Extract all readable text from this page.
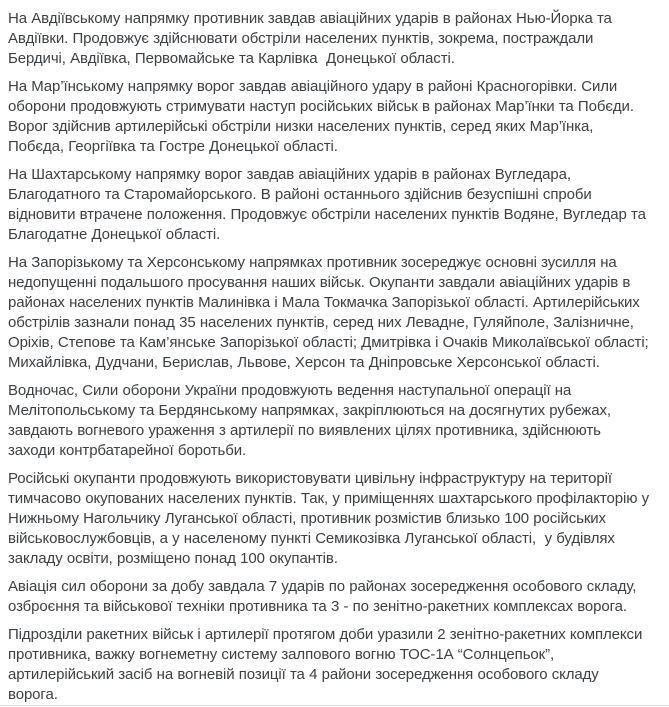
На Авдіївському напрямку противник завдав авіаційних ударів в районах Нью-Йорка та Авдіївки. Продовжує здійснювати обстріли населених пунктів, зокрема, постраждали Бердичі, Авдіївка, Первомайське та Карлівка  Донецької області.

На Мар’їнському напрямку ворог завдав авіаційного удару в районі Красногорівки. Сили оборони продовжують стримувати наступ російських військ в районах Мар’їнки та Побєди. Ворог здійснив артилерійські обстріли низки населених пунктів, серед яких Мар’їнка, Побєда, Георгіївка та Гостре Донецької області.

На Шахтарському напрямку ворог завдав авіаційних ударів в районах Вугледара, Благодатного та Старомайорського. В районі останнього здійснив безуспішні спроби відновити втрачене положення. Продовжує обстріли населених пунктів Водяне, Вугледар та Благодатне Донецької області.

На Запорізькому та Херсонському напрямках противник зосереджує основні зусилля на недопущенні подальшого просування наших військ. Окупанти завдали авіаційних ударів в районах населених пунктів Малинівка і Мала Токмачка Запорізької області. Артилерійських обстрілів зазнали понад 35 населених пунктів, серед них Левадне, Гуляйполе, Залізничне, Оріхів, Степове та Кам’янське Запорізької області; Дмитрівка і Очаків Миколаївської області; Михайлівка, Дудчани, Берислав, Львове, Херсон та Дніпровське Херсонської області.

Водночас, Сили оборони України продовжують ведення наступальної операції на Мелітопольському та Бердянському напрямках, закріплюються на досягнутих рубежах, завдають вогневого ураження з артилерії по виявлених цілях противника, здійснюють заходи контрбатарейної боротьби.

Російські окупанти продовжують використовувати цивільну інфраструктуру на території тимчасово окупованих населених пунктів. Так, у приміщеннях шахтарського профілакторію у Нижньому Нагольчику Луганської області, противник розмістив близько 100 російських військовослужбовців, а у населеному пункті Семикозівка Луганської області,  у будівлях закладу освіти, розміщено понад 100 окупантів.

Авіація сил оборони за добу завдала 7 ударів по районах зосередження особового складу, озброєння та військової техніки противника та 3 - по зенітно-ракетних комплексах ворога.

Підрозділи ракетних військ і артилерії протягом доби уразили 2 зенітно-ракетних комплекси противника, важку вогнеметну систему залпового вогню ТОС-1А “Солнцепьок”, артилерійський засіб на вогневій позиції та 4 райони зосередження особового складу ворога.
